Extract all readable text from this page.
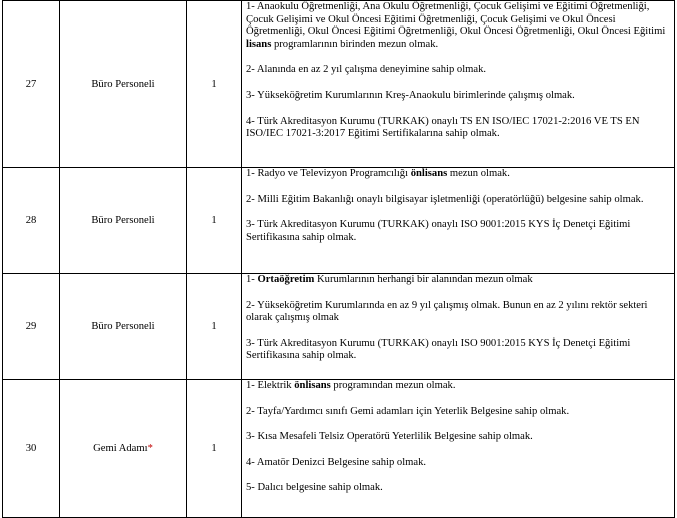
27	Büro Personeli	1	1- Anaokulu Öğretmenliği, Ana Okulu Öğretmenliği, Çocuk Gelişimi ve Eğitimi Öğretmenliği, Çocuk Gelişimi ve Okul Öncesi Eğitimi Öğretmenliği, Çocuk Gelişimi ve Okul Öncesi Öğretmenliği, Okul Öncesi Eğitimi Öğretmenliği, Okul Öncesi Öğretmenliği, Okul Öncesi Eğitimi lisans programlarının birinden mezun olmak.
2- Alanında en az 2 yıl çalışma deneyimine sahip olmak.
3- Yükseköğretim Kurumlarının Kreş-Anaokulu birimlerinde çalışmış olmak.
4- Türk Akreditasyon Kurumu (TURKAK) onaylı TS EN ISO/IEC 17021-2:2016 VE TS EN ISO/IEC 17021-3:2017 Eğitimi Sertifikalarına sahip olmak.

28	Büro Personeli	1	1- Radyo ve Televizyon Programcılığı önlisans mezun olmak.
2- Milli Eğitim Bakanlığı onaylı bilgisayar işletmenliği (operatörlüğü) belgesine sahip olmak.
3- Türk Akreditasyon Kurumu (TURKAK) onaylı ISO 9001:2015 KYS İç Denetçi Eğitimi Sertifikasına sahip olmak.

29	Büro Personeli	1	1- Ortaöğretim Kurumlarının herhangi bir alanından mezun olmak
2- Yükseköğretim Kurumlarında en az 9 yıl çalışmış olmak. Bunun en az 2 yılını rektör sekteri olarak çalışmış olmak
3- Türk Akreditasyon Kurumu (TURKAK) onaylı ISO 9001:2015 KYS İç Denetçi Eğitimi Sertifikasına sahip olmak.

30	Gemi Adamı*	1	1- Elektrik önlisans programından mezun olmak.
2- Tayfa/Yardımcı sınıfı Gemi adamları için Yeterlik Belgesine sahip olmak.
3- Kısa Mesafeli Telsiz Operatörü Yeterlilik Belgesine sahip olmak.
4- Amatör Denizci Belgesine sahip olmak.
5- Dalıcı belgesine sahip olmak.
